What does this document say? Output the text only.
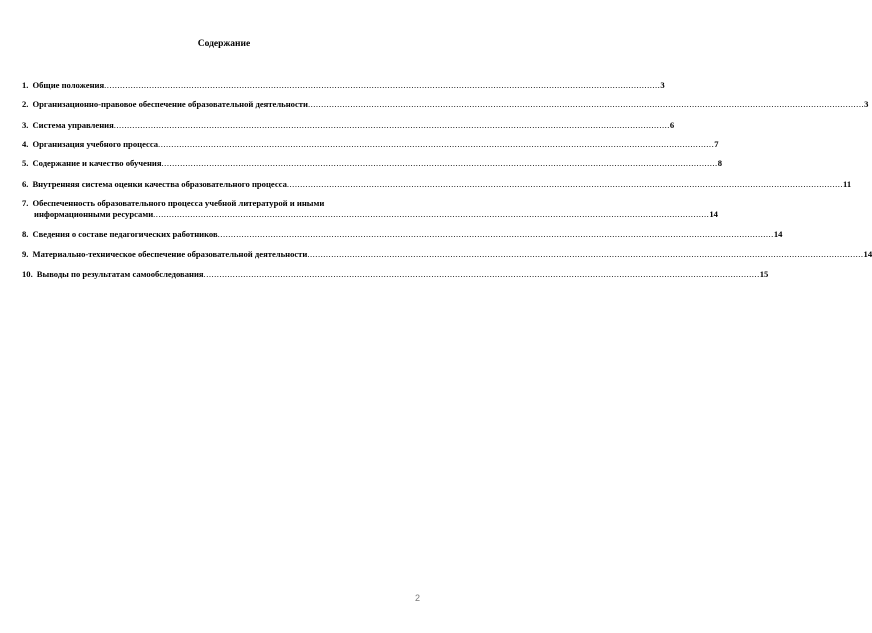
Содержание
1. Общие положения .....	3
2. Организационно-правовое обеспечение образовательной деятельности .....	3
3. Система управления .....	6
4. Организация учебного процесса .....	7
5. Содержание и качество обучения .....	8
6. Внутренняя система оценки качества образовательного процесса .....	11
7. Обеспеченность образовательного процесса учебной литературой и иными
информационными ресурсами .....	14
8. Сведения о составе педагогических работников .....	14
9. Материально-техническое обеспечение образовательной деятельности .....	14
10. Выводы по результатам самообследования .....	15
2
